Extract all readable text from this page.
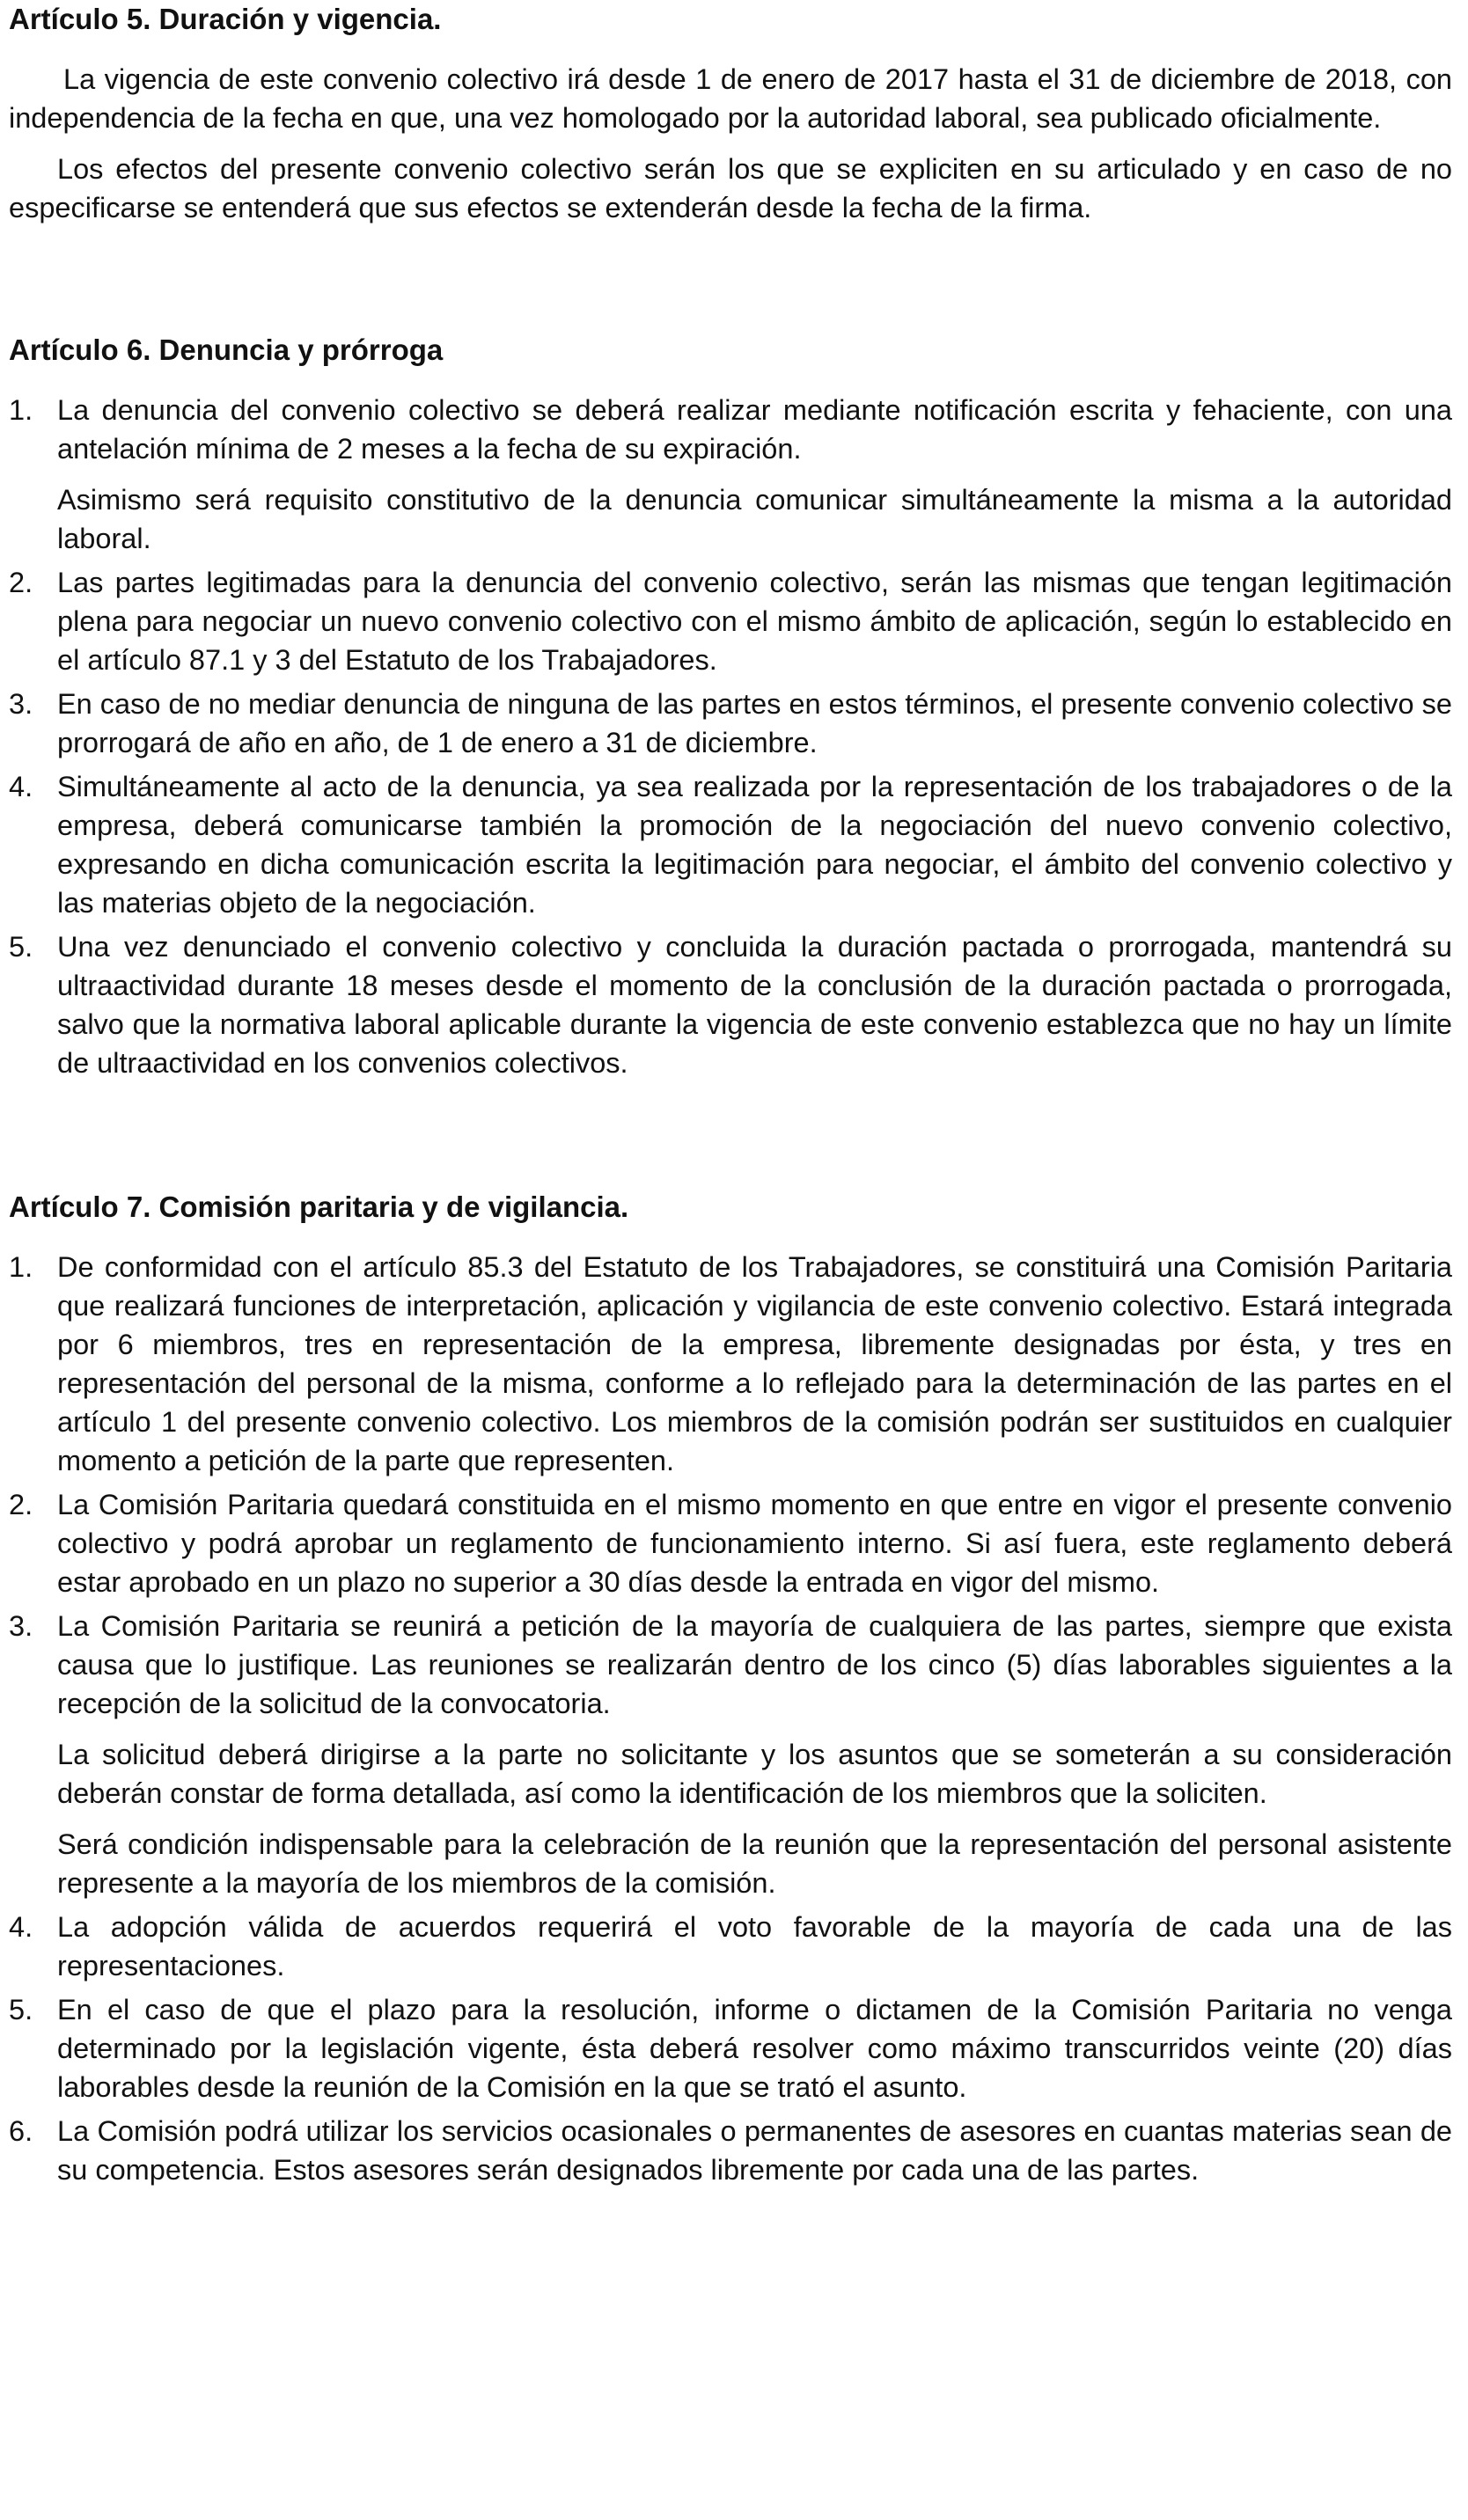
Artículo 5. Duración y vigencia.

La vigencia de este convenio colectivo irá desde 1 de enero de 2017 hasta el 31 de diciembre de 2018, con independencia de la fecha en que, una vez homologado por la autoridad laboral, sea publicado oficialmente.

Los efectos del presente convenio colectivo serán los que se expliciten en su articulado y en caso de no especificarse se entenderá que sus efectos se extenderán desde la fecha de la firma.

Artículo 6. Denuncia y prórroga
1. La denuncia del convenio colectivo se deberá realizar mediante notificación escrita y fehaciente, con una antelación mínima de 2 meses a la fecha de su expiración.

Asimismo será requisito constitutivo de la denuncia comunicar simultáneamente la misma a la autoridad laboral.

2. Las partes legitimadas para la denuncia del convenio colectivo, serán las mismas que tengan legitimación plena para negociar un nuevo convenio colectivo con el mismo ámbito de aplicación, según lo establecido en el artículo 87.1 y 3 del Estatuto de los Trabajadores.

3. En caso de no mediar denuncia de ninguna de las partes en estos términos, el presente convenio colectivo se prorrogará de año en año, de 1 de enero a 31 de diciembre.

4. Simultáneamente al acto de la denuncia, ya sea realizada por la representación de los trabajadores o de la empresa, deberá comunicarse también la promoción de la negociación del nuevo convenio colectivo, expresando en dicha comunicación escrita la legitimación para negociar, el ámbito del convenio colectivo y las materias objeto de la negociación.

5. Una vez denunciado el convenio colectivo y concluida la duración pactada o prorrogada, mantendrá su ultraactividad durante 18 meses desde el momento de la conclusión de la duración pactada o prorrogada, salvo que la normativa laboral aplicable durante la vigencia de este convenio establezca que no hay un límite de ultraactividad en los convenios colectivos.

Artículo 7. Comisión paritaria y de vigilancia.
1. De conformidad con el artículo 85.3 del Estatuto de los Trabajadores, se constituirá una Comisión Paritaria que realizará funciones de interpretación, aplicación y vigilancia de este convenio colectivo. Estará integrada por 6 miembros, tres en representación de la empresa, libremente designadas por ésta, y tres en representación del personal de la misma, conforme a lo reflejado para la determinación de las partes en el artículo 1 del presente convenio colectivo. Los miembros de la comisión podrán ser sustituidos en cualquier momento a petición de la parte que representen.

2. La Comisión Paritaria quedará constituida en el mismo momento en que entre en vigor el presente convenio colectivo y podrá aprobar un reglamento de funcionamiento interno. Si así fuera, este reglamento deberá estar aprobado en un plazo no superior a 30 días desde la entrada en vigor del mismo.

3. La Comisión Paritaria se reunirá a petición de la mayoría de cualquiera de las partes, siempre que exista causa que lo justifique. Las reuniones se realizarán dentro de los cinco (5) días laborables siguientes a la recepción de la solicitud de la convocatoria.

La solicitud deberá dirigirse a la parte no solicitante y los asuntos que se someterán a su consideración deberán constar de forma detallada, así como la identificación de los miembros que la soliciten.

Será condición indispensable para la celebración de la reunión que la representación del personal asistente represente a la mayoría de los miembros de la comisión.

4. La adopción válida de acuerdos requerirá el voto favorable de la mayoría de cada una de las representaciones.

5. En el caso de que el plazo para la resolución, informe o dictamen de la Comisión Paritaria no venga determinado por la legislación vigente, ésta deberá resolver como máximo transcurridos veinte (20) días laborables desde la reunión de la Comisión en la que se trató el asunto.

6. La Comisión podrá utilizar los servicios ocasionales o permanentes de asesores en cuantas materias sean de su competencia. Estos asesores serán designados libremente por cada una de las partes.
